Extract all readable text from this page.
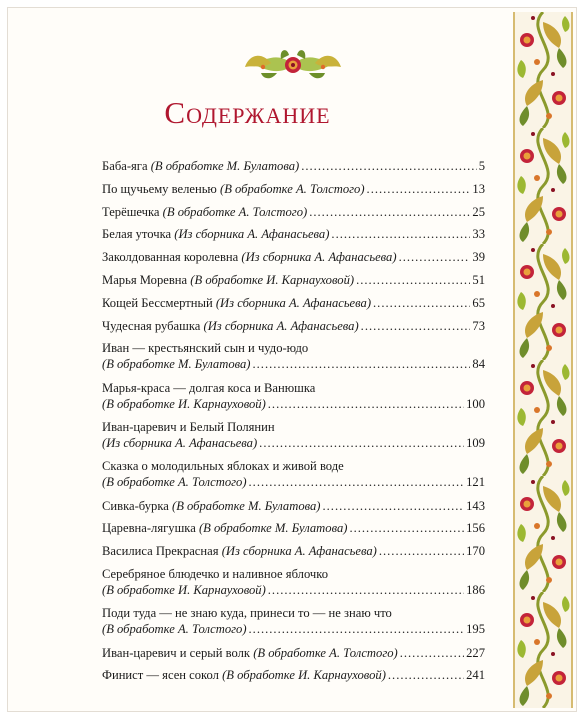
Содержание
Баба-яга (В обработке М. Булатова) .....	5
По щучьему веленью (В обработке А. Толстого) .....	13
Терёшечка (В обработке А. Толстого) .....	25
Белая уточка (Из сборника А. Афанасьева) .....	33
Заколдованная королевна (Из сборника А. Афанасьева) .....	39
Марья Моревна (В обработке И. Карнауховой) .....	51
Кощей Бессмертный (Из сборника А. Афанасьева) .....	65
Чудесная рубашка (Из сборника А. Афанасьева) .....	73
Иван — крестьянский сын и чудо-юдо
(В обработке М. Булатова) .....	84
Марья-краса — долгая коса и Ванюшка
(В обработке И. Карнауховой) .....	100
Иван-царевич и Белый Полянин
(Из сборника А. Афанасьева) .....	109
Сказка о молодильных яблоках и живой воде
(В обработке А. Толстого) .....	121
Сивка-бурка (В обработке М. Булатова) .....	143
Царевна-лягушка (В обработке М. Булатова) .....	156
Василиса Прекрасная (Из сборника А. Афанасьева) .....	170
Серебряное блюдечко и наливное яблочко
(В обработке И. Карнауховой) .....	186
Поди туда — не знаю куда, принеси то — не знаю что
(В обработке А. Толстого) .....	195
Иван-царевич и серый волк (В обработке А. Толстого) .....	227
Финист — ясен сокол (В обработке И. Карнауховой) .....	241
